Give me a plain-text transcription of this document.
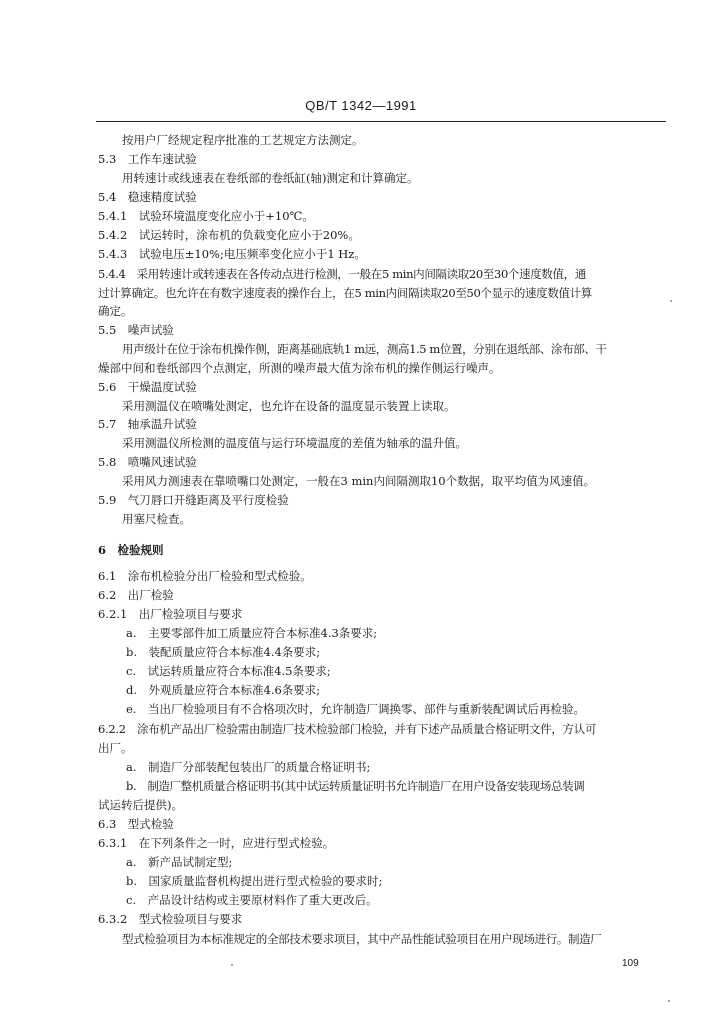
QB/T 1342—1991
按用户厂经规定程序批准的工艺规定方法测定。
5.3　工作车速试验
用转速计或线速表在卷纸部的卷纸缸(轴)测定和计算确定。
5.4　稳速精度试验
5.4.1　试验环境温度变化应小于+10℃。
5.4.2　试运转时，涂布机的负载变化应小于20%。
5.4.3　试验电压±10%;电压频率变化应小于1 Hz。
5.4.4　采用转速计或转速表在各传动点进行检测，一般在5 min内间隔读取20至30个速度数值，通
过计算确定。也允许在有数字速度表的操作台上，在5 min内间隔读取20至50个显示的速度数值计算
确定。
5.5　噪声试验
用声级计在位于涂布机操作侧，距离基础底轨1 m远，测高1.5 m位置，分别在退纸部、涂布部、干
燥部中间和卷纸部四个点测定，所测的噪声最大值为涂布机的操作侧运行噪声。
5.6　干燥温度试验
采用测温仪在喷嘴处测定，也允许在设备的温度显示装置上读取。
5.7　轴承温升试验
采用测温仪所检测的温度值与运行环境温度的差值为轴承的温升值。
5.8　喷嘴风速试验
采用风力测速表在靠喷嘴口处测定，一般在3 min内间隔测取10个数据，取平均值为风速值。
5.9　气刀唇口开缝距离及平行度检验
用塞尺检查。
6　检验规则
6.1　涂布机检验分出厂检验和型式检验。
6.2　出厂检验
6.2.1　出厂检验项目与要求
a.　主要零部件加工质量应符合本标准4.3条要求;
b.　装配质量应符合本标准4.4条要求;
c.　试运转质量应符合本标准4.5条要求;
d.　外观质量应符合本标准4.6条要求;
e.　当出厂检验项目有不合格项次时，允许制造厂调换零、部件与重新装配调试后再检验。
6.2.2　涂布机产品出厂检验需由制造厂技术检验部门检验，并有下述产品质量合格证明文件，方认可
出厂。
a.　制造厂分部装配包装出厂的质量合格证明书;
b.　制造厂整机质量合格证明书(其中试运转质量证明书允许制造厂在用户设备安装现场总装调
试运转后提供)。
6.3　型式检验
6.3.1　在下列条件之一时，应进行型式检验。
a.　新产品试制定型;
b.　国家质量监督机构提出进行型式检验的要求时;
c.　产品设计结构或主要原材料作了重大更改后。
6.3.2　型式检验项目与要求
型式检验项目为本标准规定的全部技术要求项目，其中产品性能试验项目在用户现场进行。制造厂
109
